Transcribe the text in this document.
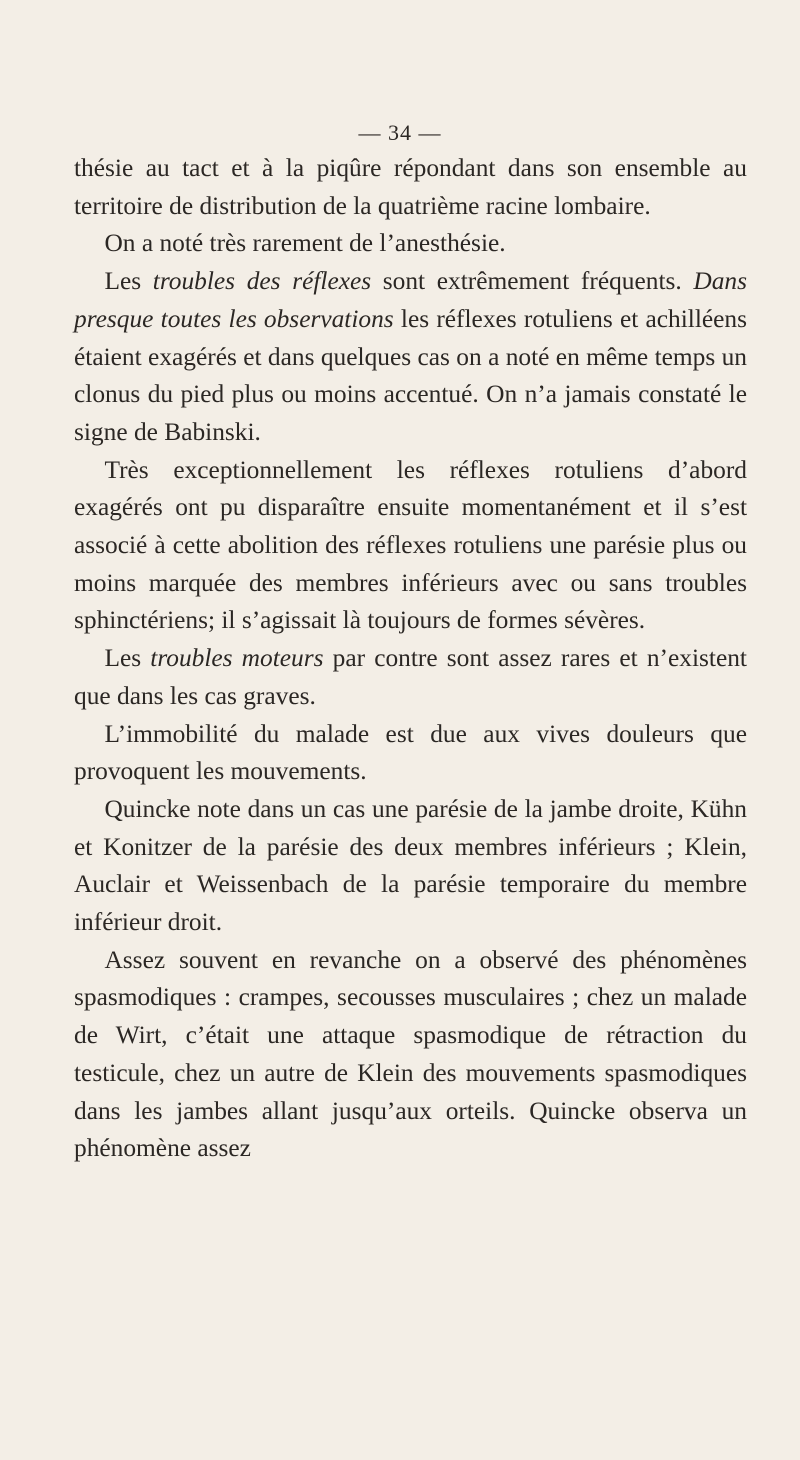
— 34 —

thésie au tact et à la piqûre répondant dans son ensemble au territoire de distribution de la quatrième racine lombaire.

On a noté très rarement de l’anesthésie.

Les troubles des réflexes sont extrêmement fréquents. Dans presque toutes les observations les réflexes rotuliens et achilléens étaient exagérés et dans quelques cas on a noté en même temps un clonus du pied plus ou moins accentué. On n’a jamais constaté le signe de Babinski.

Très exceptionnellement les réflexes rotuliens d’abord exagérés ont pu disparaître ensuite momentanément et il s’est associé à cette abolition des réflexes rotuliens une parésie plus ou moins marquée des membres inférieurs avec ou sans troubles sphinctériens; il s’agissait là toujours de formes sévères.

Les troubles moteurs par contre sont assez rares et n’existent que dans les cas graves.

L’immobilité du malade est due aux vives douleurs que provoquent les mouvements.

Quincke note dans un cas une parésie de la jambe droite, Kühn et Konitzer de la parésie des deux membres inférieurs ; Klein, Auclair et Weissenbach de la parésie temporaire du membre inférieur droit.

Assez souvent en revanche on a observé des phénomènes spasmodiques : crampes, secousses musculaires ; chez un malade de Wirt, c’était une attaque spasmodique de rétraction du testicule, chez un autre de Klein des mouvements spasmodiques dans les jambes allant jusqu’aux orteils. Quincke observa un phénomène assez
